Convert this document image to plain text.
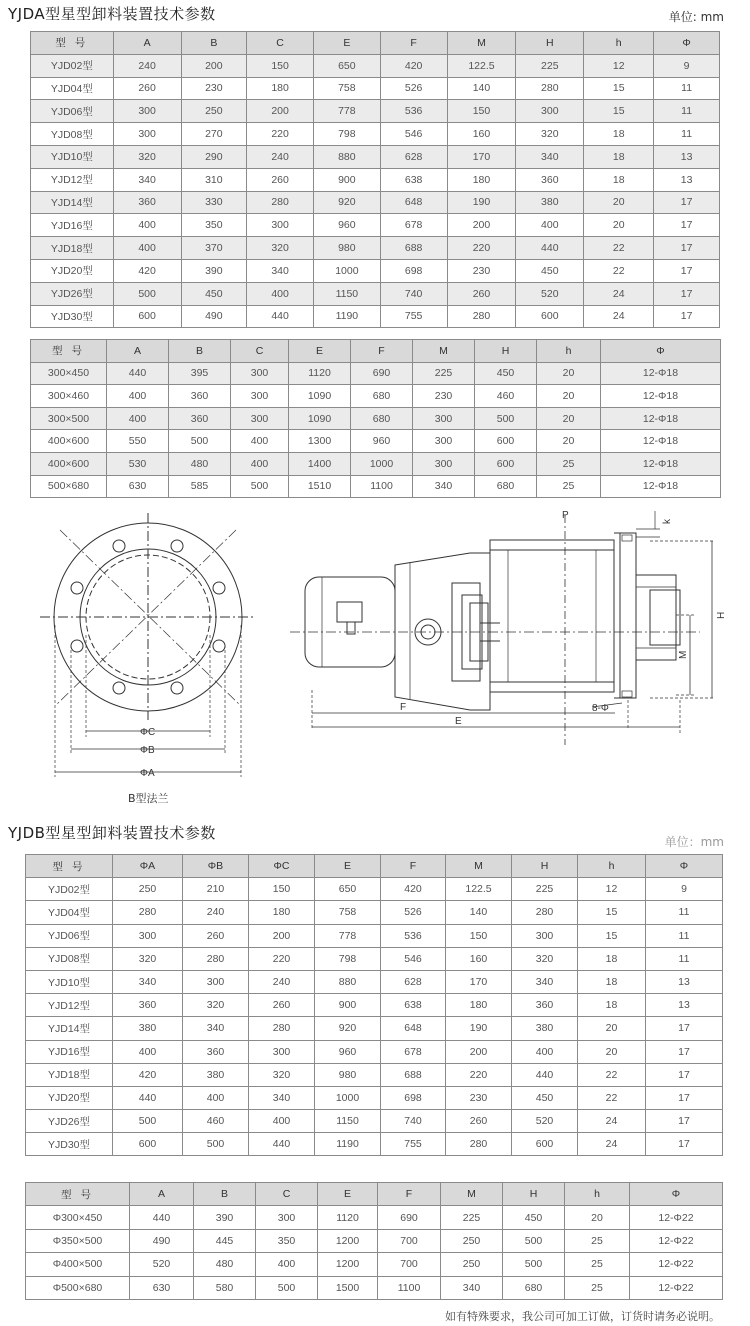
YJDA型星型卸料装置技术参数	单位: mm
型 号	A	B	C	E	F	M	H	h	Φ
YJD02型	240	200	150	650	420	122.5	225	12	9
YJD04型	260	230	180	758	526	140	280	15	11
YJD06型	300	250	200	778	536	150	300	15	11
YJD08型	300	270	220	798	546	160	320	18	11
YJD10型	320	290	240	880	628	170	340	18	13
YJD12型	340	310	260	900	638	180	360	18	13
YJD14型	360	330	280	920	648	190	380	20	17
YJD16型	400	350	300	960	678	200	400	20	17
YJD18型	400	370	320	980	688	220	440	22	17
YJD20型	420	390	340	1000	698	230	450	22	17
YJD26型	500	450	400	1150	740	260	520	24	17
YJD30型	600	490	440	1190	755	280	600	24	17
型 号	A	B	C	E	F	M	H	h	Φ
300×450	440	395	300	1120	690	225	450	20	12-Φ18
300×460	400	360	300	1090	680	230	460	20	12-Φ18
300×500	400	360	300	1090	680	300	500	20	12-Φ18
400×600	550	500	400	1300	960	300	600	20	12-Φ18
400×600	530	480	400	1400	1000	300	600	25	12-Φ18
500×680	630	585	500	1510	1100	340	680	25	12-Φ18
ΦC
ΦB
ΦA
P
k
H
M
F
E
8-Φ
B型法兰
YJDB型星型卸料装置技术参数	单位：mm
型 号	ΦA	ΦB	ΦC	E	F	M	H	h	Φ
YJD02型	250	210	150	650	420	122.5	225	12	9
YJD04型	280	240	180	758	526	140	280	15	11
YJD06型	300	260	200	778	536	150	300	15	11
YJD08型	320	280	220	798	546	160	320	18	11
YJD10型	340	300	240	880	628	170	340	18	13
YJD12型	360	320	260	900	638	180	360	18	13
YJD14型	380	340	280	920	648	190	380	20	17
YJD16型	400	360	300	960	678	200	400	20	17
YJD18型	420	380	320	980	688	220	440	22	17
YJD20型	440	400	340	1000	698	230	450	22	17
YJD26型	500	460	400	1150	740	260	520	24	17
YJD30型	600	500	440	1190	755	280	600	24	17
型 号	A	B	C	E	F	M	H	h	Φ
Φ300×450	440	390	300	1120	690	225	450	20	12-Φ22
Φ350×500	490	445	350	1200	700	250	500	25	12-Φ22
Φ400×500	520	480	400	1200	700	250	500	25	12-Φ22
Φ500×680	630	580	500	1500	1100	340	680	25	12-Φ22
如有特殊要求，我公司可加工订做，订货时请务必说明。
